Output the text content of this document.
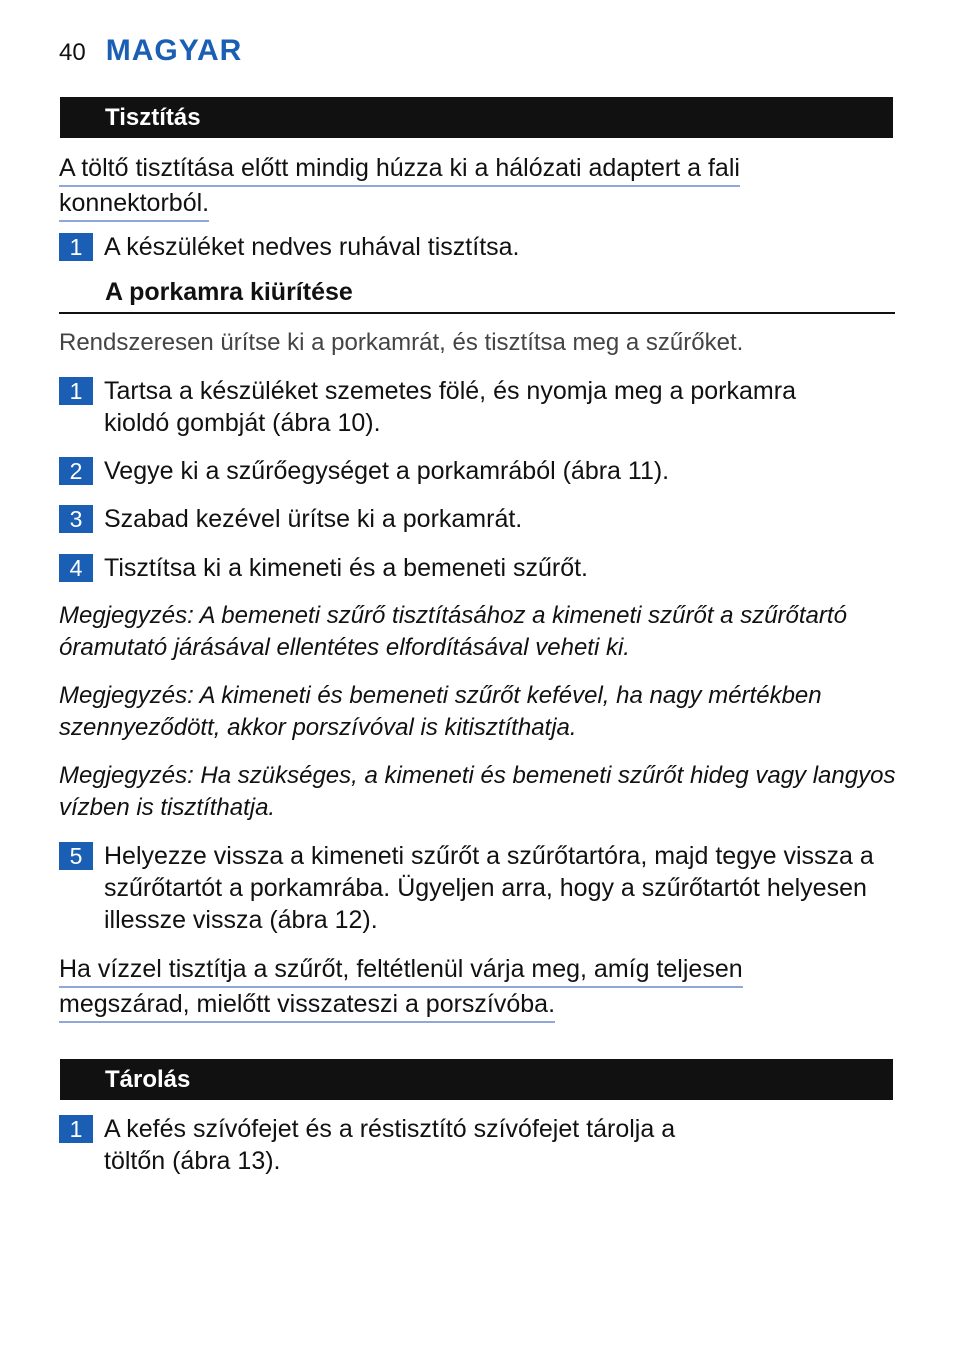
40 MAGYAR
Tisztítás
A töltő tisztítása előtt mindig húzza ki a hálózati adaptert a fali
konnektorból.
1 A készüléket nedves ruhával tisztítsa.
A porkamra kiürítése
Rendszeresen ürítse ki a porkamrát, és tisztítsa meg a szűrőket.
1 Tartsa a készüléket szemetes fölé, és nyomja meg a porkamra kioldó gombját (ábra 10).
2 Vegye ki a szűrőegységet a porkamrából (ábra 11).
3 Szabad kezével ürítse ki a porkamrát.
4 Tisztítsa ki a kimeneti és a bemeneti szűrőt.
Megjegyzés: A bemeneti szűrő tisztításához a kimeneti szűrőt a szűrőtartó óramutató járásával ellentétes elfordításával veheti ki.
Megjegyzés: A kimeneti és bemeneti szűrőt kefével, ha nagy mértékben szennyeződött, akkor porszívóval is kitisztíthatja.
Megjegyzés: Ha szükséges, a kimeneti és bemeneti szűrőt hideg vagy langyos vízben is tisztíthatja.
5 Helyezze vissza a kimeneti szűrőt a szűrőtartóra, majd tegye vissza a szűrőtartót a porkamrába. Ügyeljen arra, hogy a szűrőtartót helyesen illessze vissza (ábra 12).
Ha vízzel tisztítja a szűrőt, feltétlenül várja meg, amíg teljesen
megszárad, mielőtt visszateszi a porszívóba.
Tárolás
1 A kefés szívófejet és a réstisztító szívófejet tárolja a töltőn (ábra 13).
